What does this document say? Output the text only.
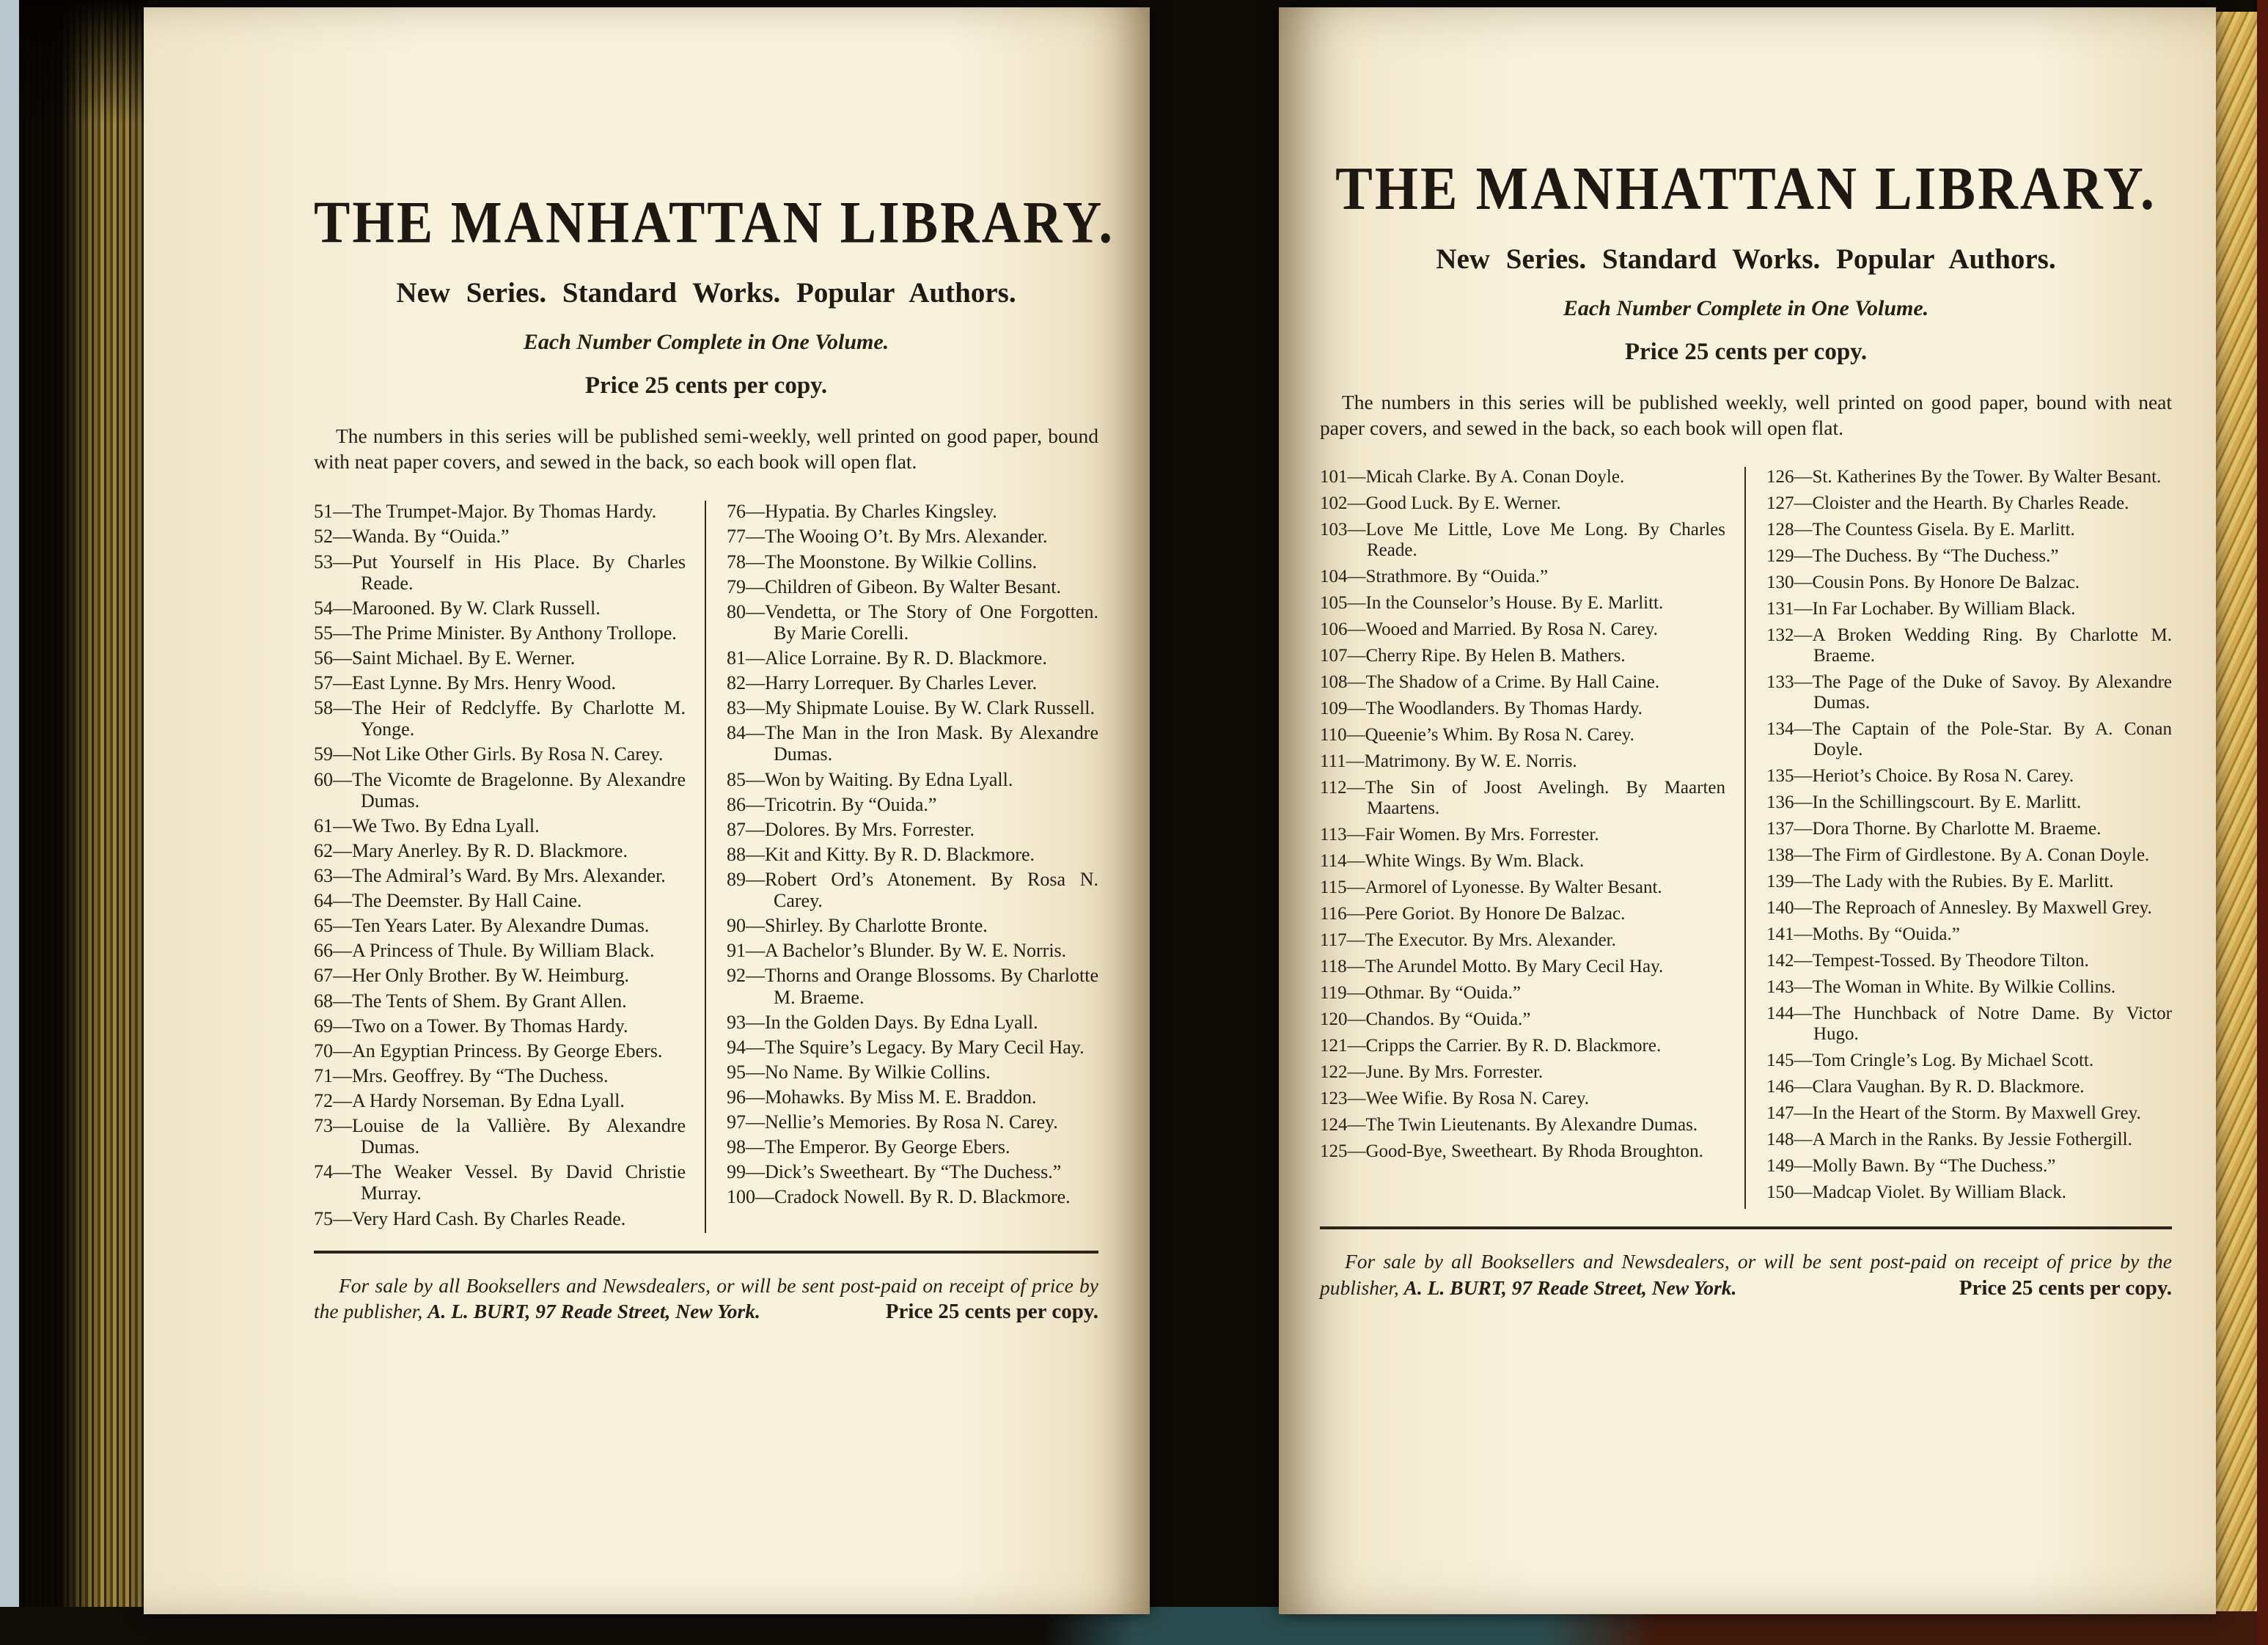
THE MANHATTAN LIBRARY.
New Series. Standard Works. Popular Authors.

Each Number Complete in One Volume.

Price 25 cents per copy.

The numbers in this series will be published semi-weekly, well printed on good paper, bound with neat paper covers, and sewed in the back, so each book will open flat.

51—The Trumpet-Major. By Thomas Hardy.

52—Wanda. By “Ouida.”

53—Put Yourself in His Place. By Charles Reade.

54—Marooned. By W. Clark Russell.

55—The Prime Minister. By Anthony Trollope.

56—Saint Michael. By E. Werner.

57—East Lynne. By Mrs. Henry Wood.

58—The Heir of Redclyffe. By Charlotte M. Yonge.

59—Not Like Other Girls. By Rosa N. Carey.

60—The Vicomte de Bragelonne. By Alexandre Dumas.

61—We Two. By Edna Lyall.

62—Mary Anerley. By R. D. Blackmore.

63—The Admiral’s Ward. By Mrs. Alexander.

64—The Deemster. By Hall Caine.

65—Ten Years Later. By Alexandre Dumas.

66—A Princess of Thule. By William Black.

67—Her Only Brother. By W. Heimburg.

68—The Tents of Shem. By Grant Allen.

69—Two on a Tower. By Thomas Hardy.

70—An Egyptian Princess. By George Ebers.

71—Mrs. Geoffrey. By “The Duchess.

72—A Hardy Norseman. By Edna Lyall.

73—Louise de la Vallière. By Alexandre Dumas.

74—The Weaker Vessel. By David Christie Murray.

75—Very Hard Cash. By Charles Reade.

76—Hypatia. By Charles Kingsley.

77—The Wooing O’t. By Mrs. Alexander.

78—The Moonstone. By Wilkie Collins.

79—Children of Gibeon. By Walter Besant.

80—Vendetta, or The Story of One Forgotten. By Marie Corelli.

81—Alice Lorraine. By R. D. Blackmore.

82—Harry Lorrequer. By Charles Lever.

83—My Shipmate Louise. By W. Clark Russell.

84—The Man in the Iron Mask. By Alexandre Dumas.

85—Won by Waiting. By Edna Lyall.

86—Tricotrin. By “Ouida.”

87—Dolores. By Mrs. Forrester.

88—Kit and Kitty. By R. D. Blackmore.

89—Robert Ord’s Atonement. By Rosa N. Carey.

90—Shirley. By Charlotte Bronte.

91—A Bachelor’s Blunder. By W. E. Norris.

92—Thorns and Orange Blossoms. By Charlotte M. Braeme.

93—In the Golden Days. By Edna Lyall.

94—The Squire’s Legacy. By Mary Cecil Hay.

95—No Name. By Wilkie Collins.

96—Mohawks. By Miss M. E. Braddon.

97—Nellie’s Memories. By Rosa N. Carey.

98—The Emperor. By George Ebers.

99—Dick’s Sweetheart. By “The Duchess.”

100—Cradock Nowell. By R. D. Blackmore.

For sale by all Booksellers and Newsdealers, or will be sent post-paid on receipt of price by the publisher, A. L. BURT, 97 Reade Street, New York.	Price 25 cents per copy.

THE MANHATTAN LIBRARY.
New Series. Standard Works. Popular Authors.

Each Number Complete in One Volume.

Price 25 cents per copy.

The numbers in this series will be published weekly, well printed on good paper, bound with neat paper covers, and sewed in the back, so each book will open flat.

101—Micah Clarke. By A. Conan Doyle.

102—Good Luck. By E. Werner.

103—Love Me Little, Love Me Long. By Charles Reade.

104—Strathmore. By “Ouida.”

105—In the Counselor’s House. By E. Marlitt.

106—Wooed and Married. By Rosa N. Carey.

107—Cherry Ripe. By Helen B. Mathers.

108—The Shadow of a Crime. By Hall Caine.

109—The Woodlanders. By Thomas Hardy.

110—Queenie’s Whim. By Rosa N. Carey.

111—Matrimony. By W. E. Norris.

112—The Sin of Joost Avelingh. By Maarten Maartens.

113—Fair Women. By Mrs. Forrester.

114—White Wings. By Wm. Black.

115—Armorel of Lyonesse. By Walter Besant.

116—Pere Goriot. By Honore De Balzac.

117—The Executor. By Mrs. Alexander.

118—The Arundel Motto. By Mary Cecil Hay.

119—Othmar. By “Ouida.”

120—Chandos. By “Ouida.”

121—Cripps the Carrier. By R. D. Blackmore.

122—June. By Mrs. Forrester.

123—Wee Wifie. By Rosa N. Carey.

124—The Twin Lieutenants. By Alexandre Dumas.

125—Good-Bye, Sweetheart. By Rhoda Broughton.

126—St. Katherines By the Tower. By Walter Besant.

127—Cloister and the Hearth. By Charles Reade.

128—The Countess Gisela. By E. Marlitt.

129—The Duchess. By “The Duchess.”

130—Cousin Pons. By Honore De Balzac.

131—In Far Lochaber. By William Black.

132—A Broken Wedding Ring. By Charlotte M. Braeme.

133—The Page of the Duke of Savoy. By Alexandre Dumas.

134—The Captain of the Pole-Star. By A. Conan Doyle.

135—Heriot’s Choice. By Rosa N. Carey.

136—In the Schillingscourt. By E. Marlitt.

137—Dora Thorne. By Charlotte M. Braeme.

138—The Firm of Girdlestone. By A. Conan Doyle.

139—The Lady with the Rubies. By E. Marlitt.

140—The Reproach of Annesley. By Maxwell Grey.

141—Moths. By “Ouida.”

142—Tempest-Tossed. By Theodore Tilton.

143—The Woman in White. By Wilkie Collins.

144—The Hunchback of Notre Dame. By Victor Hugo.

145—Tom Cringle’s Log. By Michael Scott.

146—Clara Vaughan. By R. D. Blackmore.

147—In the Heart of the Storm. By Maxwell Grey.

148—A March in the Ranks. By Jessie Fothergill.

149—Molly Bawn. By “The Duchess.”

150—Madcap Violet. By William Black.

For sale by all Booksellers and Newsdealers, or will be sent post-paid on receipt of price by the publisher, A. L. BURT, 97 Reade Street, New York.	Price 25 cents per copy.
